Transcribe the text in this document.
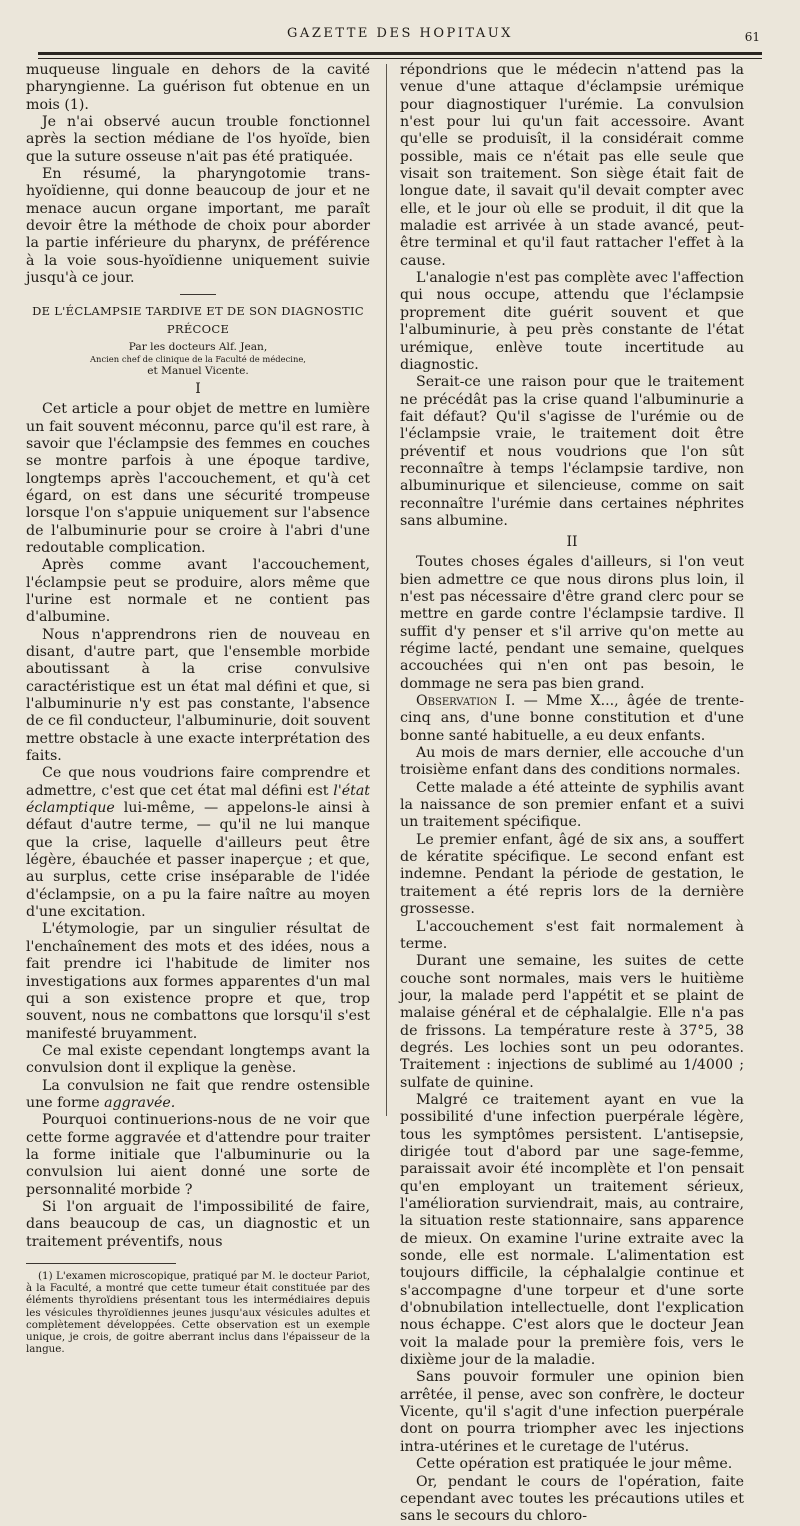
GAZETTE DES HOPITAUX	61

muqueuse linguale en dehors de la cavité pharyngienne. La guérison fut obtenue en un mois (1).

Je n'ai observé aucun trouble fonctionnel après la section médiane de l'os hyoïde, bien que la suture osseuse n'ait pas été pratiquée.

En résumé, la pharyngotomie trans-hyoïdienne, qui donne beaucoup de jour et ne menace aucun organe important, me paraît devoir être la méthode de choix pour aborder la partie inférieure du pharynx, de préférence à la voie sous-hyoïdienne uniquement suivie jusqu'à ce jour.

DE L'ÉCLAMPSIE TARDIVE ET DE SON DIAGNOSTIC PRÉCOCE
Par les docteurs Alf. Jean,
Ancien chef de clinique de la Faculté de médecine,
et Manuel Vicente.
I

Cet article a pour objet de mettre en lumière un fait souvent méconnu, parce qu'il est rare, à savoir que l'éclampsie des femmes en couches se montre parfois à une époque tardive, longtemps après l'accouchement, et qu'à cet égard, on est dans une sécurité trompeuse lorsque l'on s'appuie uniquement sur l'absence de l'albuminurie pour se croire à l'abri d'une redoutable complication.

Après comme avant l'accouchement, l'éclampsie peut se produire, alors même que l'urine est normale et ne contient pas d'albumine.

Nous n'apprendrons rien de nouveau en disant, d'autre part, que l'ensemble morbide aboutissant à la crise convulsive caractéristique est un état mal défini et que, si l'albuminurie n'y est pas constante, l'absence de ce fil conducteur, l'albuminurie, doit souvent mettre obstacle à une exacte interprétation des faits.

Ce que nous voudrions faire comprendre et admettre, c'est que cet état mal défini est l'état éclamptique lui-même, — appelons-le ainsi à défaut d'autre terme, — qu'il ne lui manque que la crise, laquelle d'ailleurs peut être légère, ébauchée et passer inaperçue ; et que, au surplus, cette crise inséparable de l'idée d'éclampsie, on a pu la faire naître au moyen d'une excitation.

L'étymologie, par un singulier résultat de l'enchaînement des mots et des idées, nous a fait prendre ici l'habitude de limiter nos investigations aux formes apparentes d'un mal qui a son existence propre et que, trop souvent, nous ne combattons que lorsqu'il s'est manifesté bruyamment.

Ce mal existe cependant longtemps avant la convulsion dont il explique la genèse.

La convulsion ne fait que rendre ostensible une forme aggravée.

Pourquoi continuerions-nous de ne voir que cette forme aggravée et d'attendre pour traiter la forme initiale que l'albuminurie ou la convulsion lui aient donné une sorte de personnalité morbide ?

Si l'on arguait de l'impossibilité de faire, dans beaucoup de cas, un diagnostic et un traitement préventifs, nous

(1) L'examen microscopique, pratiqué par M. le docteur Pariot, à la Faculté, a montré que cette tumeur était constituée par des éléments thyroïdiens présentant tous les intermédiaires depuis les vésicules thyroïdiennes jeunes jusqu'aux vésicules adultes et complètement développées. Cette observation est un exemple unique, je crois, de goitre aberrant inclus dans l'épaisseur de la langue.

répondrions que le médecin n'attend pas la venue d'une attaque d'éclampsie urémique pour diagnostiquer l'urémie. La convulsion n'est pour lui qu'un fait accessoire. Avant qu'elle se produisît, il la considérait comme possible, mais ce n'était pas elle seule que visait son traitement. Son siège était fait de longue date, il savait qu'il devait compter avec elle, et le jour où elle se produit, il dit que la maladie est arrivée à un stade avancé, peut-être terminal et qu'il faut rattacher l'effet à la cause.

L'analogie n'est pas complète avec l'affection qui nous occupe, attendu que l'éclampsie proprement dite guérit souvent et que l'albuminurie, à peu près constante de l'état urémique, enlève toute incertitude au diagnostic.

Serait-ce une raison pour que le traitement ne précédât pas la crise quand l'albuminurie a fait défaut? Qu'il s'agisse de l'urémie ou de l'éclampsie vraie, le traitement doit être préventif et nous voudrions que l'on sût reconnaître à temps l'éclampsie tardive, non albuminurique et silencieuse, comme on sait reconnaître l'urémie dans certaines néphrites sans albumine.

II

Toutes choses égales d'ailleurs, si l'on veut bien admettre ce que nous dirons plus loin, il n'est pas nécessaire d'être grand clerc pour se mettre en garde contre l'éclampsie tardive. Il suffit d'y penser et s'il arrive qu'on mette au régime lacté, pendant une semaine, quelques accouchées qui n'en ont pas besoin, le dommage ne sera pas bien grand.

Observation I. — Mme X..., âgée de trente-cinq ans, d'une bonne constitution et d'une bonne santé habituelle, a eu deux enfants.

Au mois de mars dernier, elle accouche d'un troisième enfant dans des conditions normales.

Cette malade a été atteinte de syphilis avant la naissance de son premier enfant et a suivi un traitement spécifique.

Le premier enfant, âgé de six ans, a souffert de kératite spécifique. Le second enfant est indemne. Pendant la période de gestation, le traitement a été repris lors de la dernière grossesse.

L'accouchement s'est fait normalement à terme.

Durant une semaine, les suites de cette couche sont normales, mais vers le huitième jour, la malade perd l'appétit et se plaint de malaise général et de céphalalgie. Elle n'a pas de frissons. La température reste à 37°5, 38 degrés. Les lochies sont un peu odorantes. Traitement : injections de sublimé au 1/4000 ; sulfate de quinine.

Malgré ce traitement ayant en vue la possibilité d'une infection puerpérale légère, tous les symptômes persistent. L'antisepsie, dirigée tout d'abord par une sage-femme, paraissait avoir été incomplète et l'on pensait qu'en employant un traitement sérieux, l'amélioration surviendrait, mais, au contraire, la situation reste stationnaire, sans apparence de mieux. On examine l'urine extraite avec la sonde, elle est normale. L'alimentation est toujours difficile, la céphalalgie continue et s'accompagne d'une torpeur et d'une sorte d'obnubilation intellectuelle, dont l'explication nous échappe. C'est alors que le docteur Jean voit la malade pour la première fois, vers le dixième jour de la maladie.

Sans pouvoir formuler une opinion bien arrêtée, il pense, avec son confrère, le docteur Vicente, qu'il s'agit d'une infection puerpérale dont on pourra triompher avec les injections intra-utérines et le curetage de l'utérus.

Cette opération est pratiquée le jour même.

Or, pendant le cours de l'opération, faite cependant avec toutes les précautions utiles et sans le secours du chloro-
